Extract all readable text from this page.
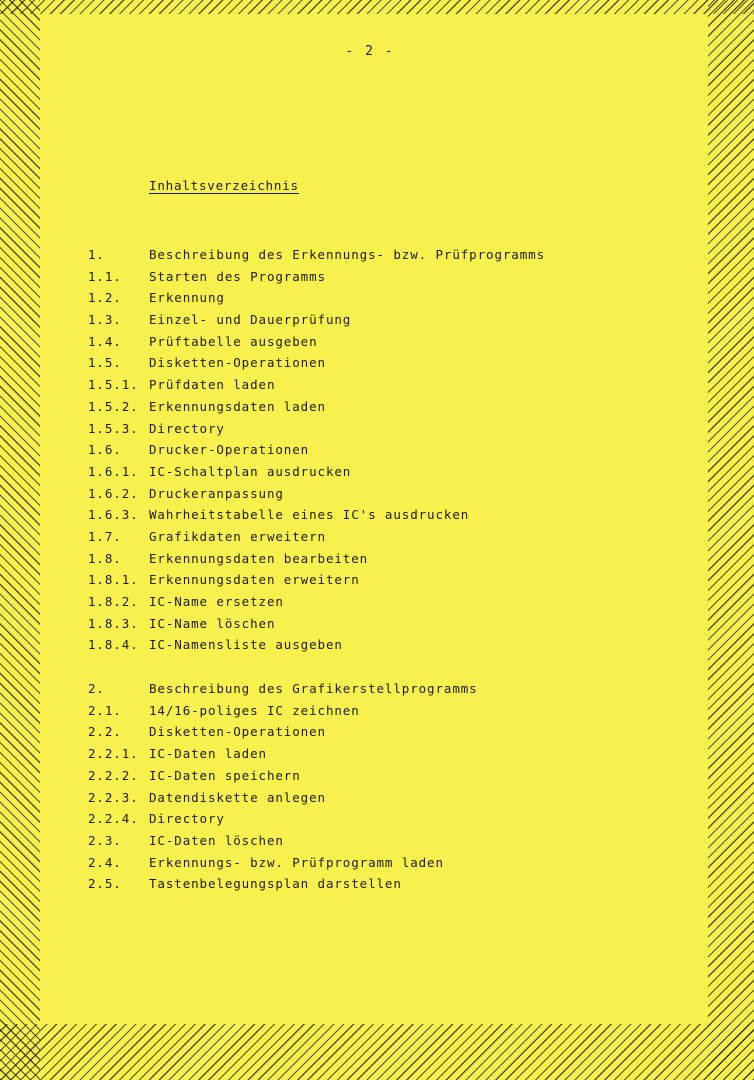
- 2 -
Inhaltsverzeichnis
1.	Beschreibung des Erkennungs- bzw. Prüfprogramms
1.1.	Starten des Programms
1.2.	Erkennung
1.3.	Einzel- und Dauerprüfung
1.4.	Prüftabelle ausgeben
1.5.	Disketten-Operationen
1.5.1. Prüfdaten laden
1.5.2. Erkennungsdaten laden
1.5.3. Directory
1.6.	Drucker-Operationen
1.6.1. IC-Schaltplan ausdrucken
1.6.2. Druckeranpassung
1.6.3. Wahrheitstabelle eines IC's ausdrucken
1.7.	Grafikdaten erweitern
1.8.	Erkennungsdaten bearbeiten
1.8.1. Erkennungsdaten erweitern
1.8.2. IC-Name ersetzen
1.8.3. IC-Name löschen
1.8.4. IC-Namensliste ausgeben
2.	Beschreibung des Grafikerstellprogramms
2.1.	14/16-poliges IC zeichnen
2.2.	Disketten-Operationen
2.2.1. IC-Daten laden
2.2.2. IC-Daten speichern
2.2.3. Datendiskette anlegen
2.2.4. Directory
2.3.	IC-Daten löschen
2.4.	Erkennungs- bzw. Prüfprogramm laden
2.5.	Tastenbelegungsplan darstellen
